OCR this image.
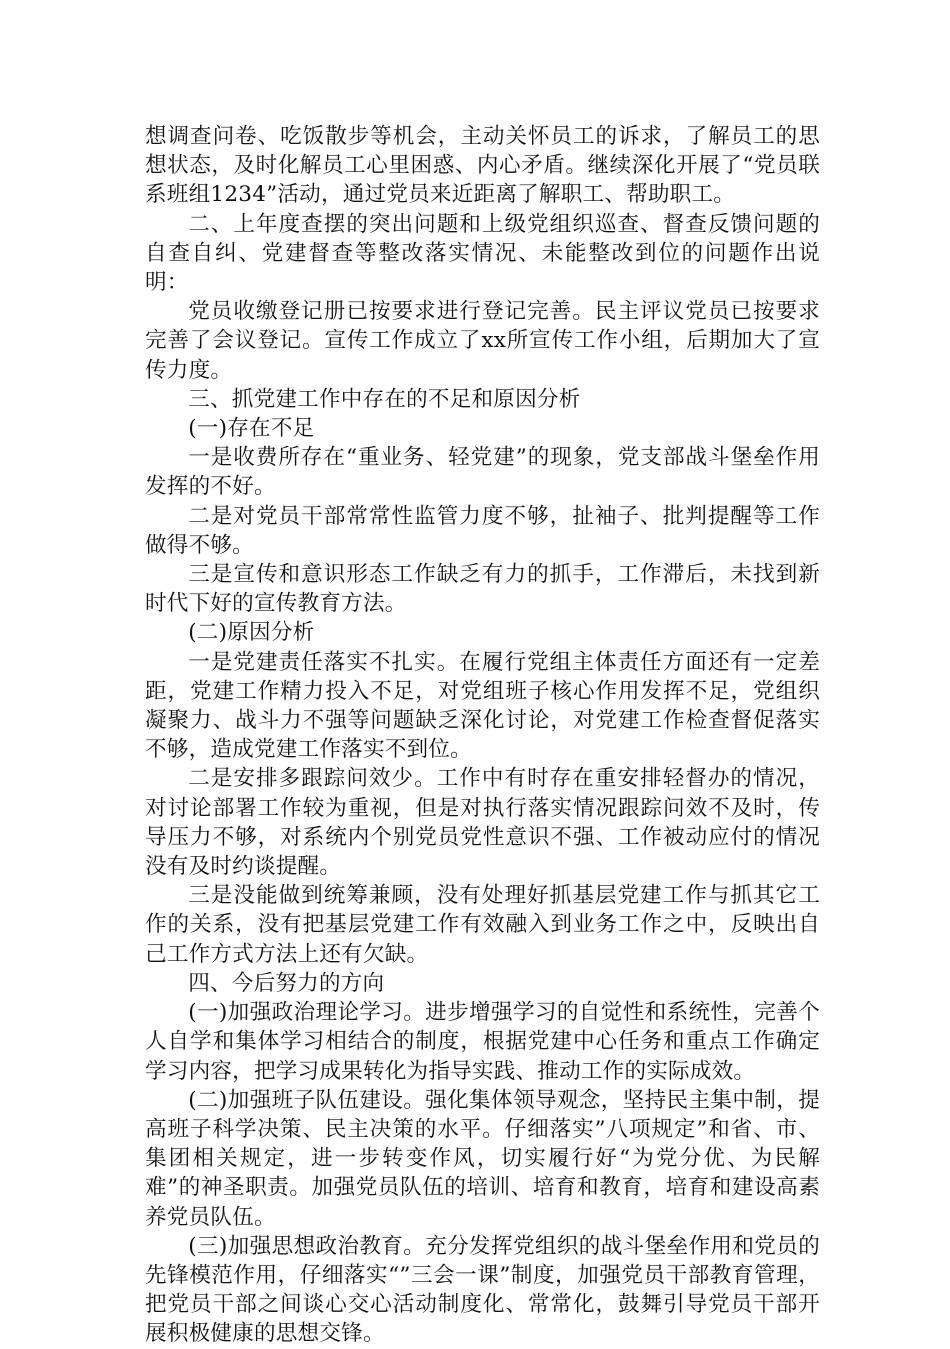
想调查问卷、吃饭散步等机会，主动关怀员工的诉求，了解员工的思想状态，及时化解员工心里困惑、内心矛盾。继续深化开展了“党员联系班组1234”活动，通过党员来近距离了解职工、帮助职工。

二、上年度查摆的突出问题和上级党组织巡查、督查反馈问题的自查自纠、党建督查等整改落实情况、未能整改到位的问题作出说明：

党员收缴登记册已按要求进行登记完善。民主评议党员已按要求完善了会议登记。宣传工作成立了xx所宣传工作小组，后期加大了宣传力度。

三、抓党建工作中存在的不足和原因分析

(一)存在不足

一是收费所存在“重业务、轻党建”的现象，党支部战斗堡垒作用发挥的不好。

二是对党员干部常常性监管力度不够，扯袖子、批判提醒等工作做得不够。

三是宣传和意识形态工作缺乏有力的抓手，工作滞后，未找到新时代下好的宣传教育方法。

(二)原因分析

一是党建责任落实不扎实。在履行党组主体责任方面还有一定差距，党建工作精力投入不足，对党组班子核心作用发挥不足，党组织凝聚力、战斗力不强等问题缺乏深化讨论，对党建工作检查督促落实不够，造成党建工作落实不到位。

二是安排多跟踪问效少。工作中有时存在重安排轻督办的情况，对讨论部署工作较为重视，但是对执行落实情况跟踪问效不及时，传导压力不够，对系统内个别党员党性意识不强、工作被动应付的情况没有及时约谈提醒。

三是没能做到统筹兼顾，没有处理好抓基层党建工作与抓其它工作的关系，没有把基层党建工作有效融入到业务工作之中，反映出自己工作方式方法上还有欠缺。

四、今后努力的方向

(一)加强政治理论学习。进步增强学习的自觉性和系统性，完善个人自学和集体学习相结合的制度，根据党建中心任务和重点工作确定学习内容，把学习成果转化为指导实践、推动工作的实际成效。

(二)加强班子队伍建设。强化集体领导观念，坚持民主集中制，提高班子科学决策、民主决策的水平。仔细落实”八项规定”和省、市、集团相关规定，进一步转变作风，切实履行好“为党分优、为民解难”的神圣职责。加强党员队伍的培训、培育和教育，培育和建设高素养党员队伍。

(三)加强思想政治教育。充分发挥党组织的战斗堡垒作用和党员的先锋模范作用，仔细落实“”三会一课”制度，加强党员干部教育管理，把党员干部之间谈心交心活动制度化、常常化，鼓舞引导党员干部开展积极健康的思想交锋。
